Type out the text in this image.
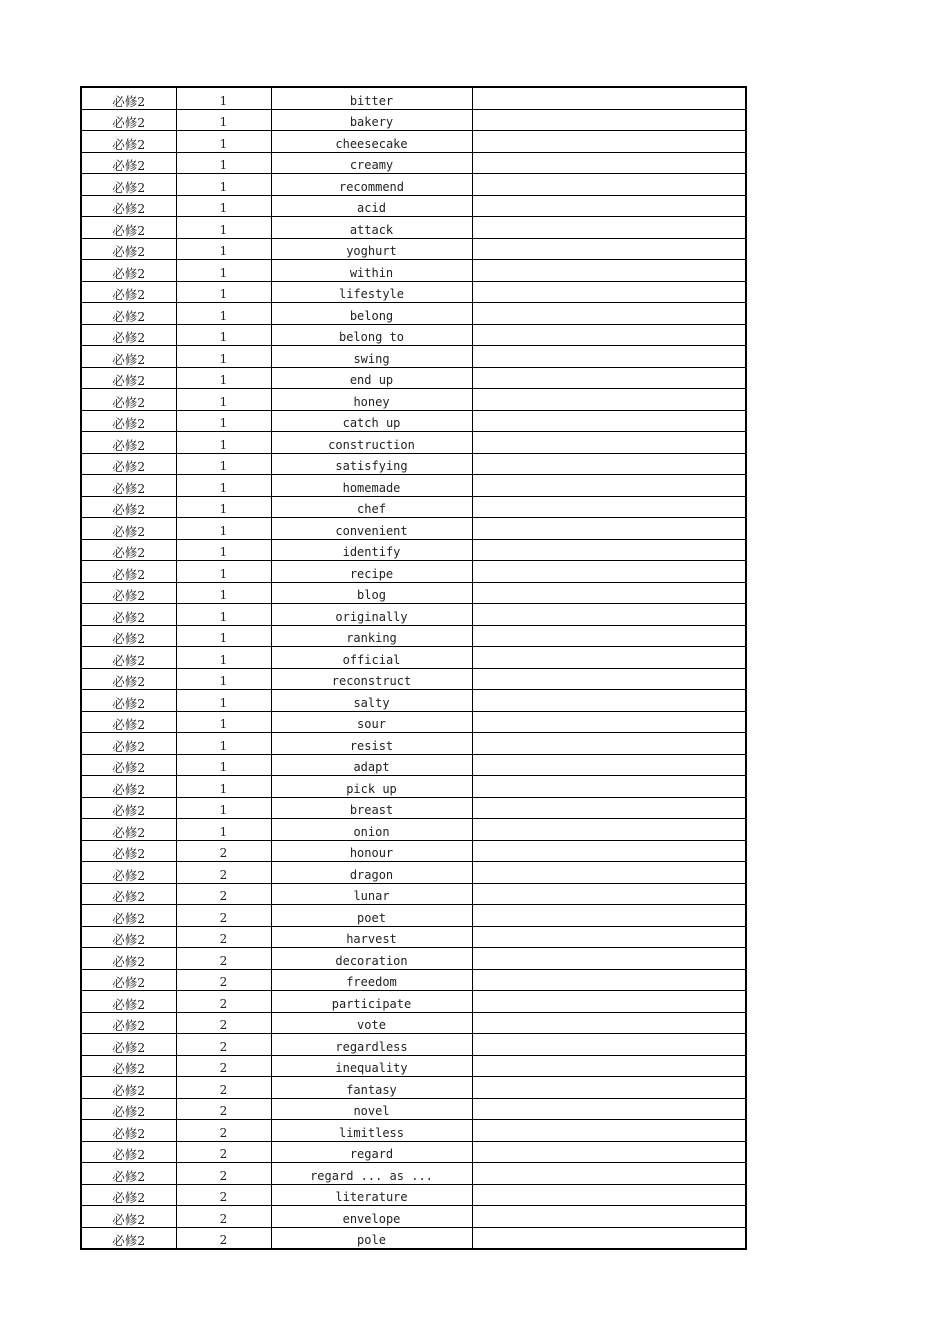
必修2	1	bitter	
必修2	1	bakery	
必修2	1	cheesecake	
必修2	1	creamy	
必修2	1	recommend	
必修2	1	acid	
必修2	1	attack	
必修2	1	yoghurt	
必修2	1	within	
必修2	1	lifestyle	
必修2	1	belong	
必修2	1	belong to	
必修2	1	swing	
必修2	1	end up	
必修2	1	honey	
必修2	1	catch up	
必修2	1	construction	
必修2	1	satisfying	
必修2	1	homemade	
必修2	1	chef	
必修2	1	convenient	
必修2	1	identify	
必修2	1	recipe	
必修2	1	blog	
必修2	1	originally	
必修2	1	ranking	
必修2	1	official	
必修2	1	reconstruct	
必修2	1	salty	
必修2	1	sour	
必修2	1	resist	
必修2	1	adapt	
必修2	1	pick up	
必修2	1	breast	
必修2	1	onion	
必修2	2	honour	
必修2	2	dragon	
必修2	2	lunar	
必修2	2	poet	
必修2	2	harvest	
必修2	2	decoration	
必修2	2	freedom	
必修2	2	participate	
必修2	2	vote	
必修2	2	regardless	
必修2	2	inequality	
必修2	2	fantasy	
必修2	2	novel	
必修2	2	limitless	
必修2	2	regard	
必修2	2	regard ... as ...	
必修2	2	literature	
必修2	2	envelope	
必修2	2	pole	
